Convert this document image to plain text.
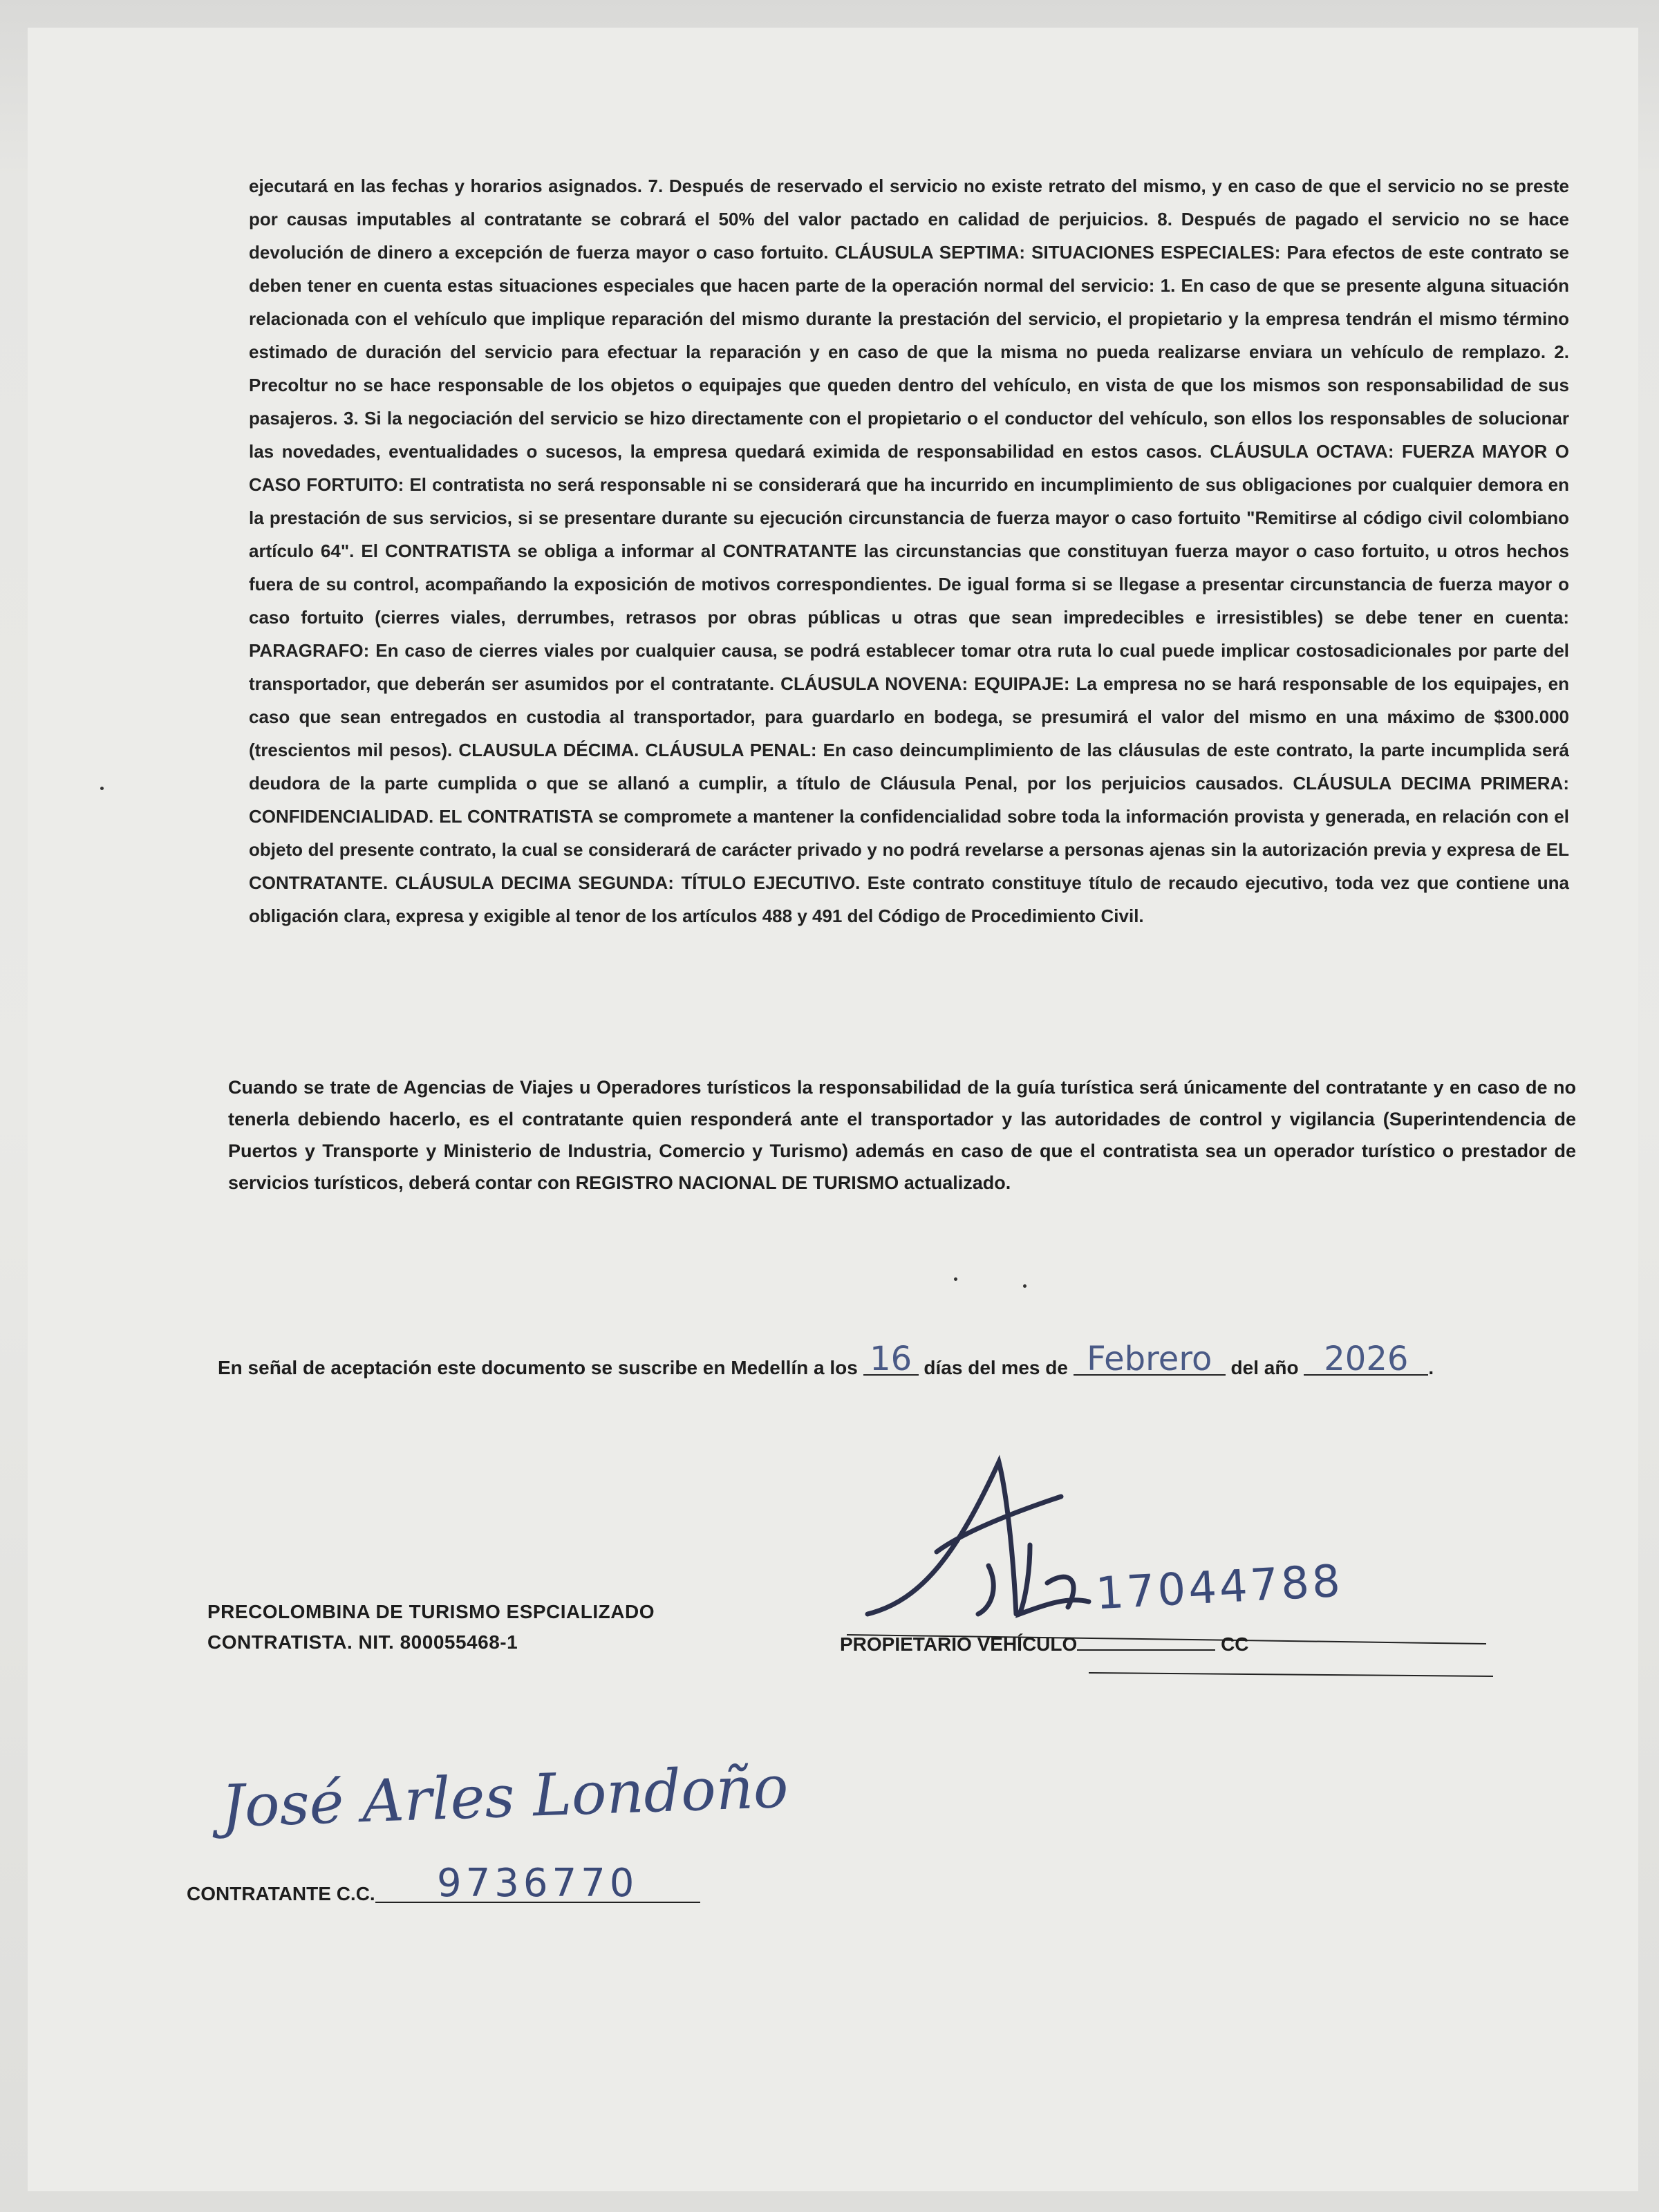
ejecutará en las fechas y horarios asignados. 7. Después de reservado el servicio no existe retrato del mismo, y en caso de que el servicio no se preste por causas imputables al contratante se cobrará el 50% del valor pactado en calidad de perjuicios. 8. Después de pagado el servicio no se hace devolución de dinero a excepción de fuerza mayor o caso fortuito. CLÁUSULA SEPTIMA: SITUACIONES ESPECIALES: Para efectos de este contrato se deben tener en cuenta estas situaciones especiales que hacen parte de la operación normal del servicio: 1. En caso de que se presente alguna situación relacionada con el vehículo que implique reparación del mismo durante la prestación del servicio, el propietario y la empresa tendrán el mismo término estimado de duración del servicio para efectuar la reparación y en caso de que la misma no pueda realizarse enviara un vehículo de remplazo. 2. Precoltur no se hace responsable de los objetos o equipajes que queden dentro del vehículo, en vista de que los mismos son responsabilidad de sus pasajeros. 3. Si la negociación del servicio se hizo directamente con el propietario o el conductor del vehículo, son ellos los responsables de solucionar las novedades, eventualidades o sucesos, la empresa quedará eximida de responsabilidad en estos casos. CLÁUSULA OCTAVA: FUERZA MAYOR O CASO FORTUITO: El contratista no será responsable ni se considerará que ha incurrido en incumplimiento de sus obligaciones por cualquier demora en la prestación de sus servicios, si se presentare durante su ejecución circunstancia de fuerza mayor o caso fortuito "Remitirse al código civil colombiano artículo 64". El CONTRATISTA se obliga a informar al CONTRATANTE las circunstancias que constituyan fuerza mayor o caso fortuito, u otros hechos fuera de su control, acompañando la exposición de motivos correspondientes. De igual forma si se llegase a presentar circunstancia de fuerza mayor o caso fortuito (cierres viales, derrumbes, retrasos por obras públicas u otras que sean impredecibles e irresistibles) se debe tener en cuenta: PARAGRAFO: En caso de cierres viales por cualquier causa, se podrá establecer tomar otra ruta lo cual puede implicar costosadicionales por parte del transportador, que deberán ser asumidos por el contratante. CLÁUSULA NOVENA: EQUIPAJE: La empresa no se hará responsable de los equipajes, en caso que sean entregados en custodia al transportador, para guardarlo en bodega, se presumirá el valor del mismo en una máximo de $300.000 (trescientos mil pesos). CLAUSULA DÉCIMA. CLÁUSULA PENAL: En caso deincumplimiento de las cláusulas de este contrato, la parte incumplida será deudora de la parte cumplida o que se allanó a cumplir, a título de Cláusula Penal, por los perjuicios causados. CLÁUSULA DECIMA PRIMERA: CONFIDENCIALIDAD. EL CONTRATISTA se compromete a mantener la confidencialidad sobre toda la información provista y generada, en relación con el objeto del presente contrato, la cual se considerará de carácter privado y no podrá revelarse a personas ajenas sin la autorización previa y expresa de EL CONTRATANTE. CLÁUSULA DECIMA SEGUNDA: TÍTULO EJECUTIVO. Este contrato constituye título de recaudo ejecutivo, toda vez que contiene una obligación clara, expresa y exigible al tenor de los artículos 488 y 491 del Código de Procedimiento Civil.

Cuando se trate de Agencias de Viajes u Operadores turísticos la responsabilidad de la guía turística será únicamente del contratante y en caso de no tenerla debiendo hacerlo, es el contratante quien responderá ante el transportador y las autoridades de control y vigilancia (Superintendencia de Puertos y Transporte y Ministerio de Industria, Comercio y Turismo) además en caso de que el contratista sea un operador turístico o prestador de servicios turísticos, deberá contar con REGISTRO NACIONAL DE TURISMO actualizado.
En señal de aceptación este documento se suscribe en Medellín a los 16 días del mes de Febrero del año 2026 .
PRECOLOMBINA DE TURISMO ESPCIALIZADO
CONTRATISTA. NIT. 800055468-1
17044788
PROPIETARIO VEHÍCULO	CC
José Arles Londoño
CONTRATANTE C.C. 9736770
